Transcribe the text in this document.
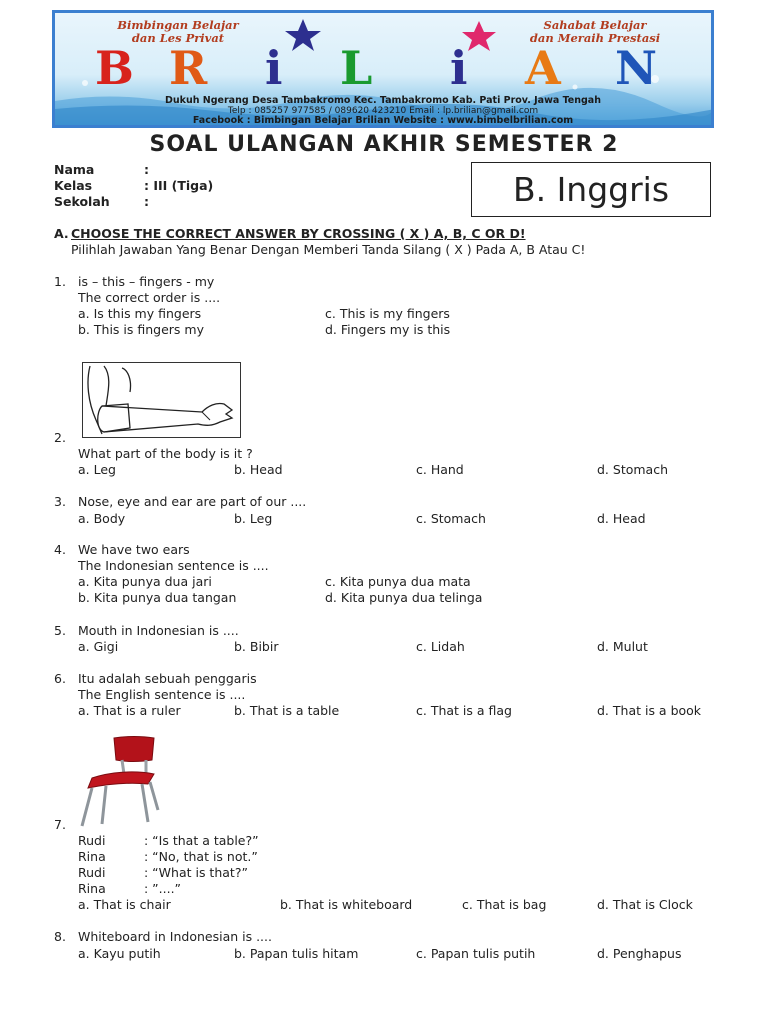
Bimbingan Belajar
dan Les Privat
Sahabat Belajar
dan Meraih Prestasi
B R i L i A N
Dukuh Ngerang Desa Tambakromo Kec. Tambakromo Kab. Pati Prov. Jawa Tengah
Telp : 085257 977585 / 089620 423210 Email : lp.brilian@gmail.com
Facebook : Bimbingan Belajar Brilian Website : www.bimbelbrilian.com
SOAL ULANGAN AKHIR SEMESTER 2
Nama	:
Kelas	: III (Tiga)
Sekolah	:	B. Inggris
A. CHOOSE THE CORRECT ANSWER BY CROSSING ( X ) A, B, C OR D!
Pilihlah Jawaban Yang Benar Dengan Memberi Tanda Silang ( X ) Pada A, B Atau C!
1. is – this – fingers - my
The correct order is ....
a. Is this my fingers	c. This is my fingers
b. This is fingers my	d. Fingers my is this
2.
What part of the body is it ?
a. Leg	b. Head	c. Hand	d. Stomach
3. Nose, eye and ear are part of our ....
a. Body	b. Leg	c. Stomach	d. Head
4. We have two ears
The Indonesian sentence is ....
a. Kita punya dua jari	c. Kita punya dua mata
b. Kita punya dua tangan	d. Kita punya dua telinga
5. Mouth in Indonesian is ....
a. Gigi	b. Bibir	c. Lidah	d. Mulut
6. Itu adalah sebuah penggaris
The English sentence is ....
a. That is a ruler	b. That is a table	c. That is a flag	d. That is a book
7.
Rudi	: “Is that a table?”
Rina	: “No, that is not.”
Rudi	: “What is that?”
Rina	: ”....”
a. That is chair	b. That is whiteboard	c. That is bag	d. That is Clock
8. Whiteboard in Indonesian is ....
a. Kayu putih	b. Papan tulis hitam	c. Papan tulis putih	d. Penghapus
